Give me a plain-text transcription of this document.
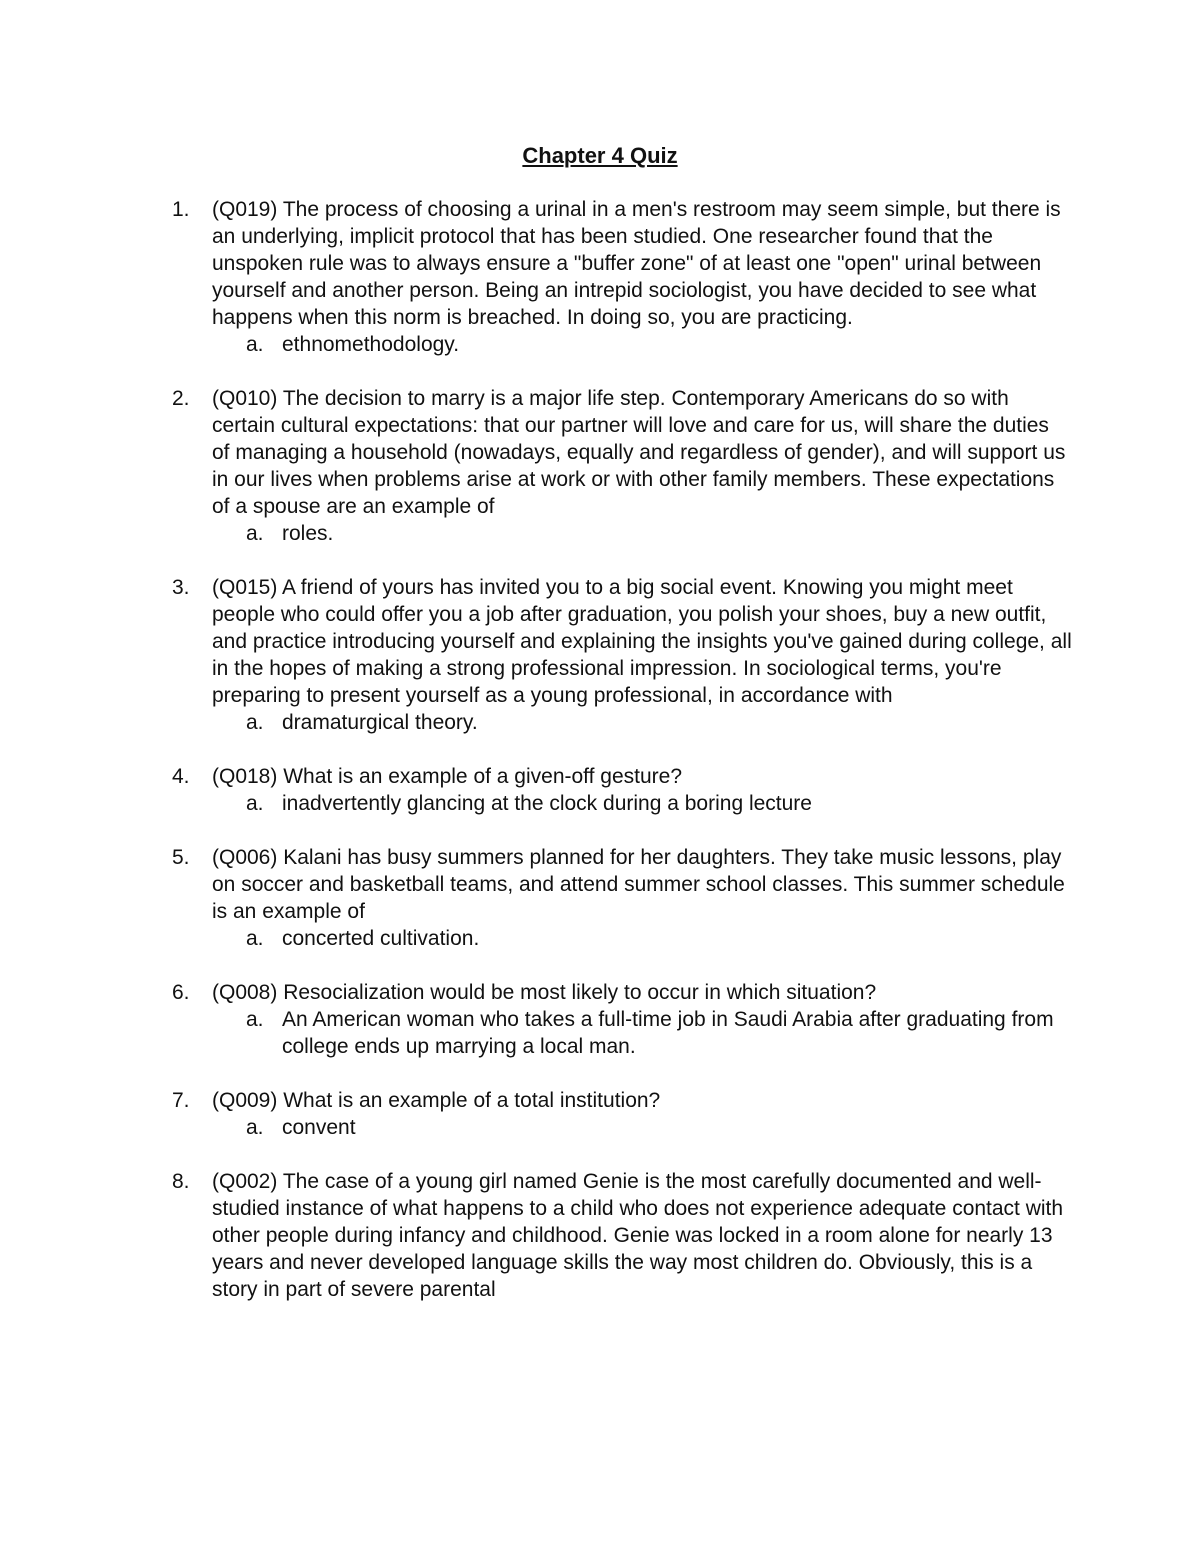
Chapter 4 Quiz
1.	(Q019) The process of choosing a urinal in a men's restroom may seem simple, but there is an underlying, implicit protocol that has been studied. One researcher found that the unspoken rule was to always ensure a "buffer zone" of at least one "open" urinal between yourself and another person. Being an intrepid sociologist, you have decided to see what happens when this norm is breached. In doing so, you are practicing.
a. ethnomethodology.
2.	(Q010) The decision to marry is a major life step. Contemporary Americans do so with certain cultural expectations: that our partner will love and care for us, will share the duties of managing a household (nowadays, equally and regardless of gender), and will support us in our lives when problems arise at work or with other family members. These expectations of a spouse are an example of
a. roles.
3.	(Q015) A friend of yours has invited you to a big social event. Knowing you might meet people who could offer you a job after graduation, you polish your shoes, buy a new outfit, and practice introducing yourself and explaining the insights you've gained during college, all in the hopes of making a strong professional impression. In sociological terms, you're preparing to present yourself as a young professional, in accordance with
a. dramaturgical theory.
4.	(Q018) What is an example of a given-off gesture?
a. inadvertently glancing at the clock during a boring lecture
5.	(Q006) Kalani has busy summers planned for her daughters. They take music lessons, play on soccer and basketball teams, and attend summer school classes. This summer schedule is an example of
a. concerted cultivation.
6.	(Q008) Resocialization would be most likely to occur in which situation?
a. An American woman who takes a full-time job in Saudi Arabia after graduating from college ends up marrying a local man.
7.	(Q009) What is an example of a total institution?
a. convent
8.	(Q002) The case of a young girl named Genie is the most carefully documented and well-studied instance of what happens to a child who does not experience adequate contact with other people during infancy and childhood. Genie was locked in a room alone for nearly 13 years and never developed language skills the way most children do. Obviously, this is a story in part of severe parental
